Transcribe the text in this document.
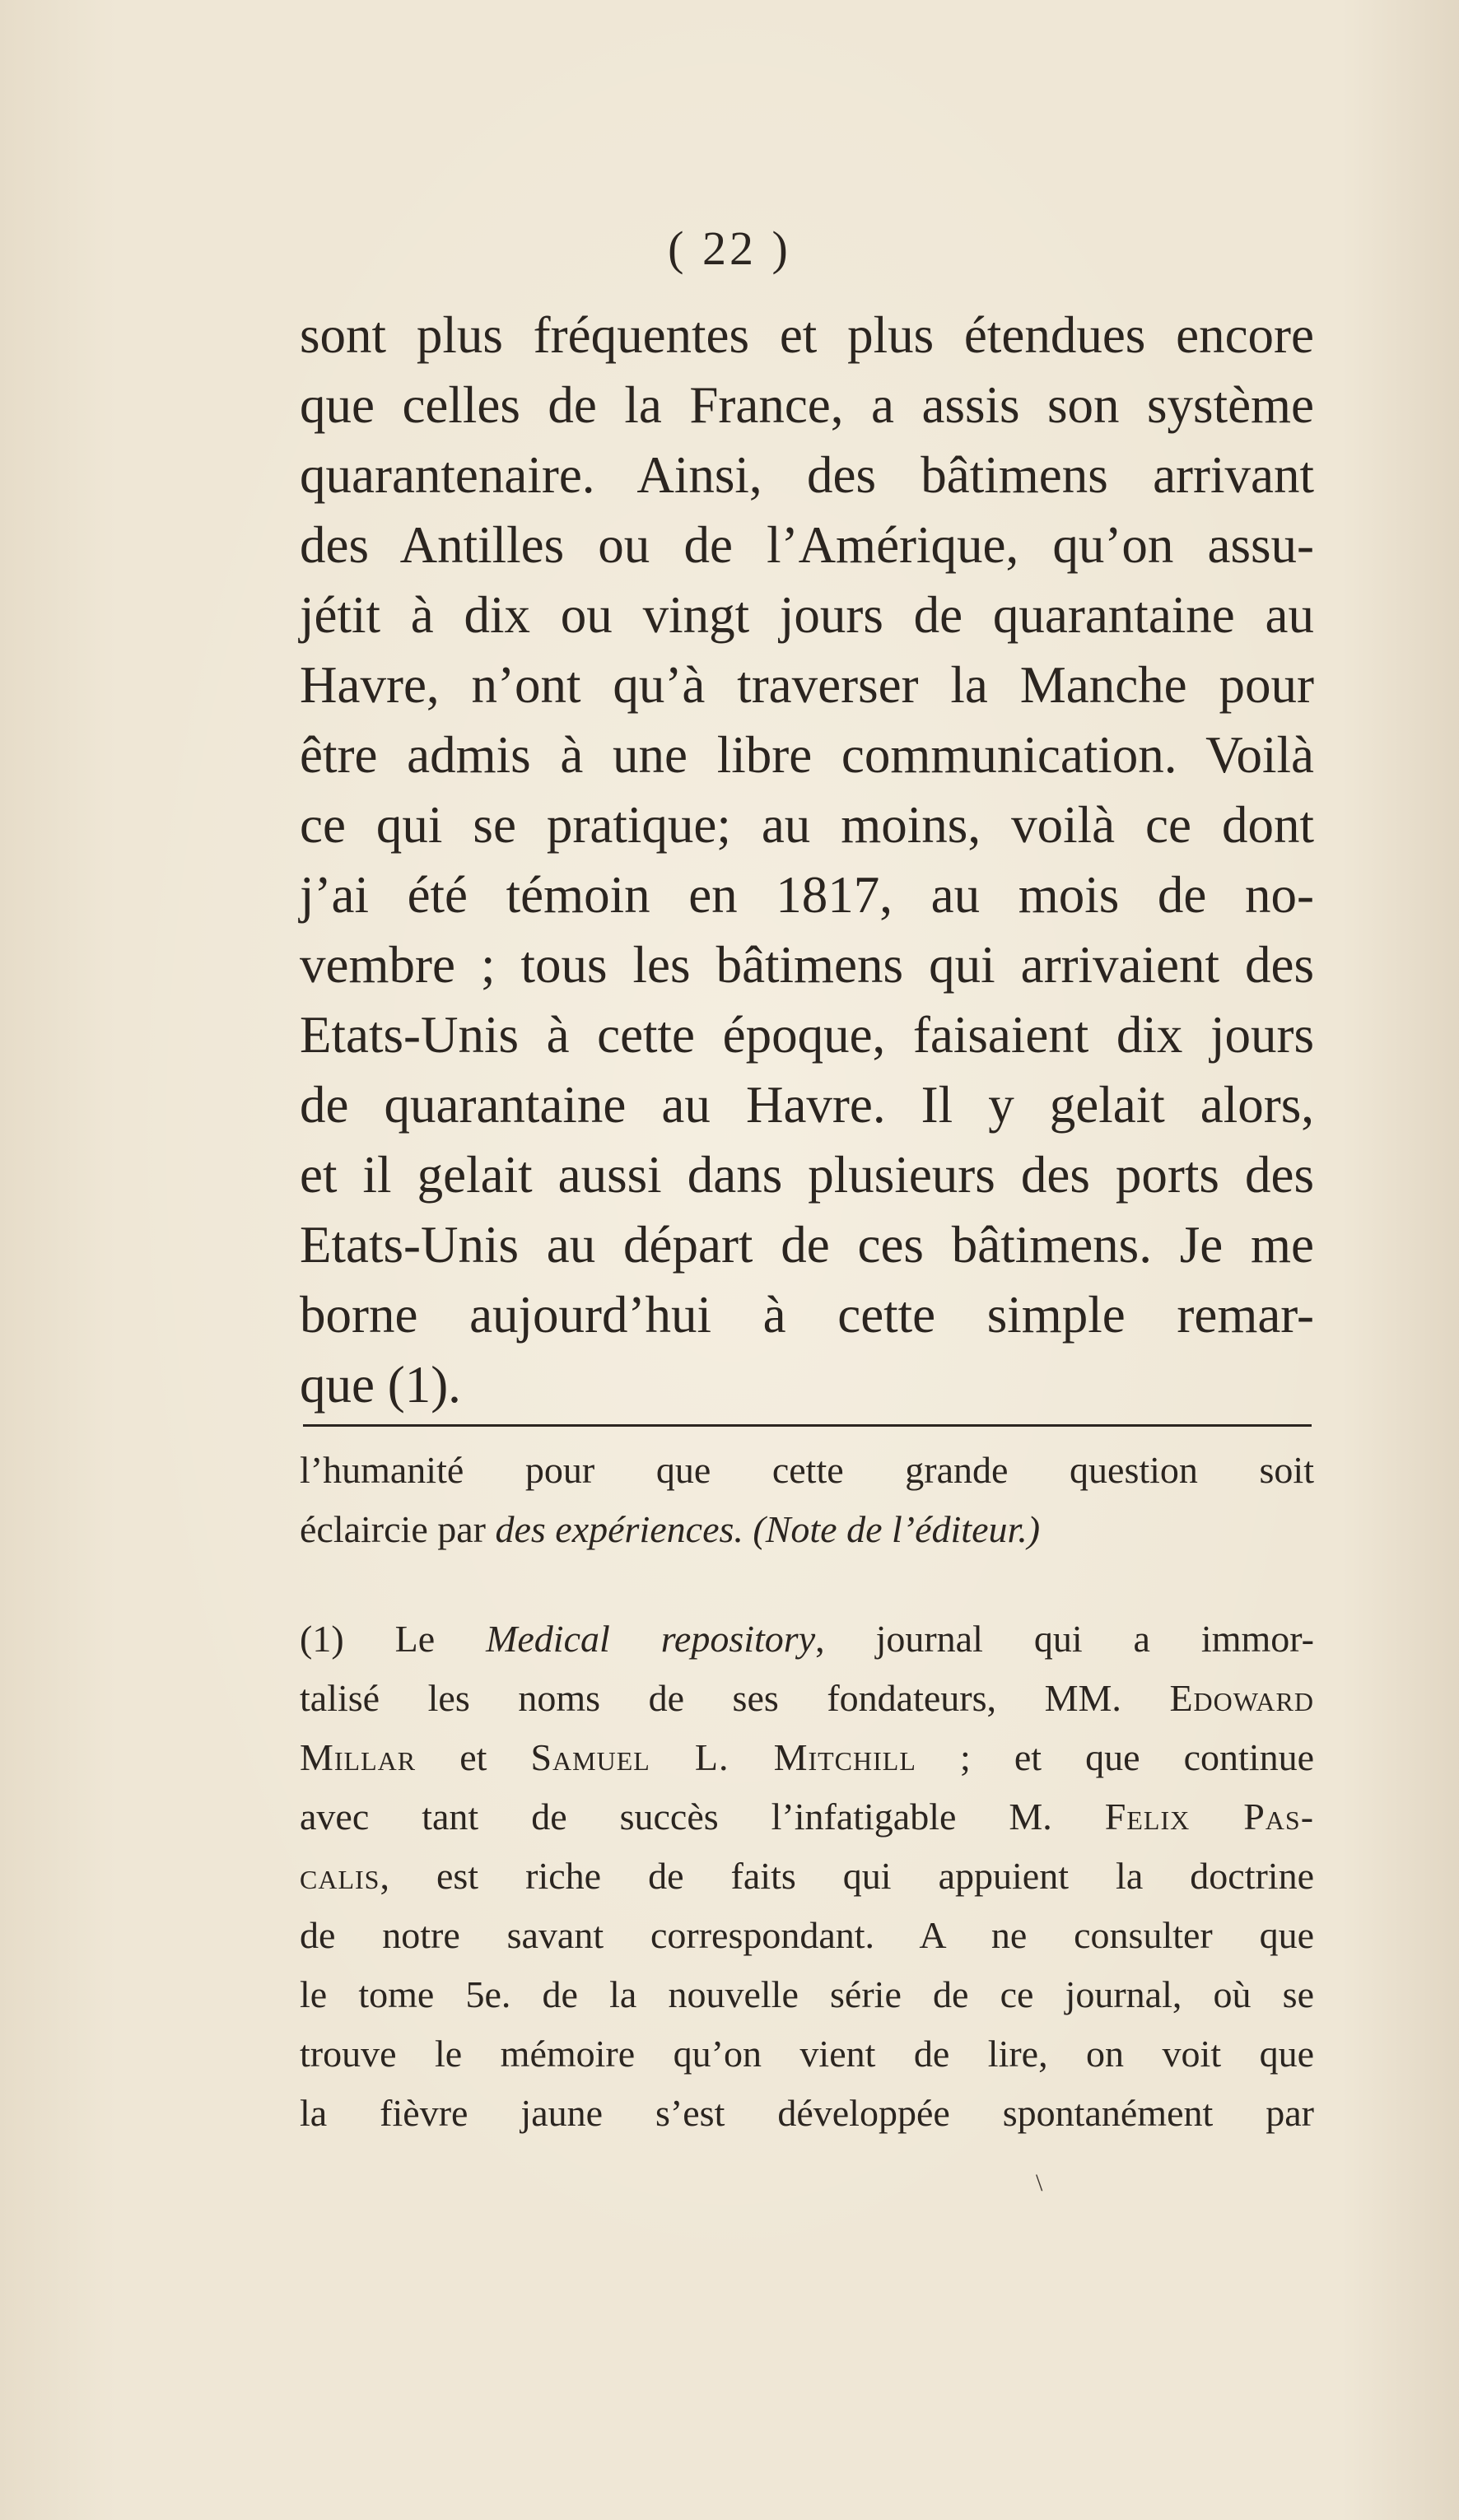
( 22 )
sont plus fréquentes et plus étendues encore
que celles de la France, a assis son système
quarantenaire. Ainsi, des bâtimens arrivant
des Antilles ou de l’Amérique, qu’on assu-
jétit à dix ou vingt jours de quarantaine au
Havre, n’ont qu’à traverser la Manche pour
être admis à une libre communication. Voilà
ce qui se pratique; au moins, voilà ce dont
j’ai été témoin en 1817, au mois de no-
vembre ; tous les bâtimens qui arrivaient des
Etats-Unis à cette époque, faisaient dix jours
de quarantaine au Havre. Il y gelait alors,
et il gelait aussi dans plusieurs des ports des
Etats-Unis au départ de ces bâtimens. Je me
borne aujourd’hui à cette simple remar-
que (1).
l’humanité pour que cette grande question soit
éclaircie par des expériences. (Note de l’éditeur.)
(1) Le Medical repository, journal qui a immor-
talisé les noms de ses fondateurs, MM. Edoward
Millar et Samuel L. Mitchill ; et que continue
avec tant de succès l’infatigable M. Felix Pas-
calis, est riche de faits qui appuient la doctrine
de notre savant correspondant. A ne consulter que
le tome 5e. de la nouvelle série de ce journal, où se
trouve le mémoire qu’on vient de lire, on voit que
la fièvre jaune s’est développée spontanément par
\
